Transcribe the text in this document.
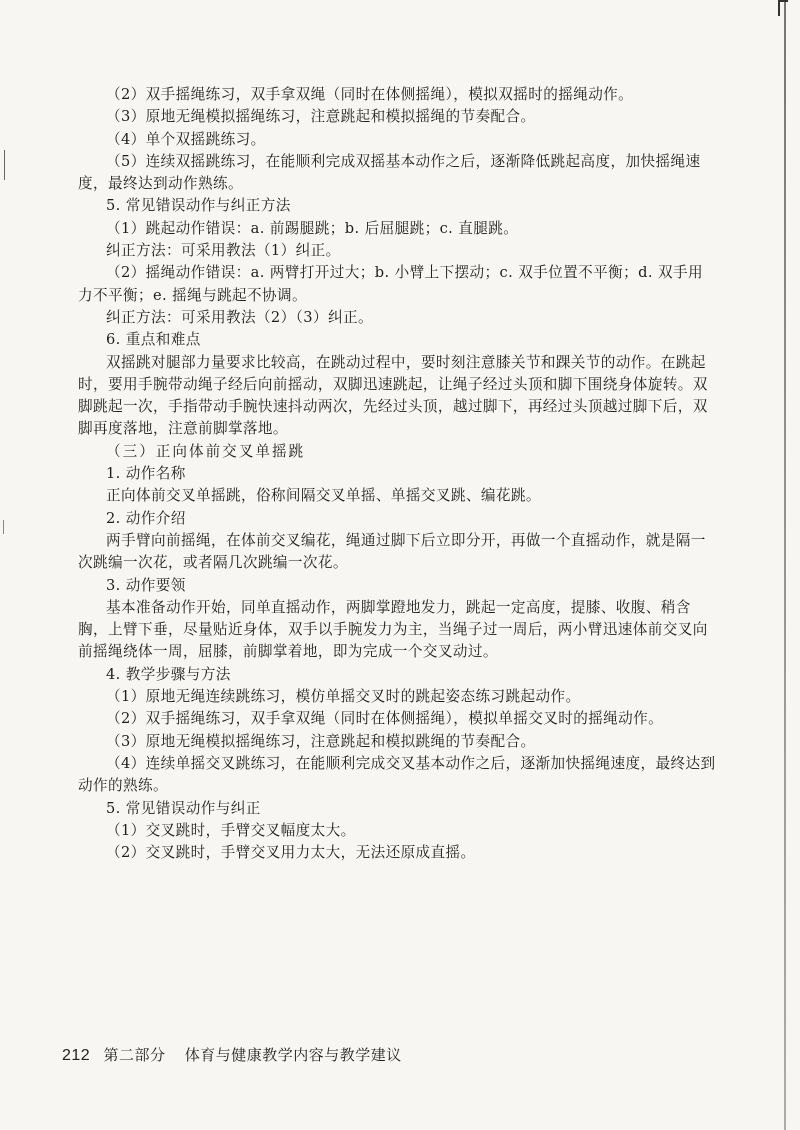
（2）双手摇绳练习，双手拿双绳（同时在体侧摇绳），模拟双摇时的摇绳动作。

（3）原地无绳模拟摇绳练习，注意跳起和模拟摇绳的节奏配合。

（4）单个双摇跳练习。

（5）连续双摇跳练习，在能顺利完成双摇基本动作之后，逐渐降低跳起高度，加快摇绳速度，最终达到动作熟练。

5. 常见错误动作与纠正方法

（1）跳起动作错误：a. 前踢腿跳；b. 后屈腿跳；c. 直腿跳。

纠正方法：可采用教法（1）纠正。

（2）摇绳动作错误：a. 两臂打开过大；b. 小臂上下摆动；c. 双手位置不平衡；d. 双手用力不平衡；e. 摇绳与跳起不协调。

纠正方法：可采用教法（2）（3）纠正。

6. 重点和难点

双摇跳对腿部力量要求比较高，在跳动过程中，要时刻注意膝关节和踝关节的动作。在跳起时，要用手腕带动绳子经后向前摇动，双脚迅速跳起，让绳子经过头顶和脚下围绕身体旋转。双脚跳起一次，手指带动手腕快速抖动两次，先经过头顶，越过脚下，再经过头顶越过脚下后，双脚再度落地，注意前脚掌落地。

（三）正向体前交叉单摇跳

1. 动作名称

正向体前交叉单摇跳，俗称间隔交叉单摇、单摇交叉跳、编花跳。

2. 动作介绍

两手臂向前摇绳，在体前交叉编花，绳通过脚下后立即分开，再做一个直摇动作，就是隔一次跳编一次花，或者隔几次跳编一次花。

3. 动作要领

基本准备动作开始，同单直摇动作，两脚掌蹬地发力，跳起一定高度，提膝、收腹、稍含胸，上臂下垂，尽量贴近身体，双手以手腕发力为主，当绳子过一周后，两小臂迅速体前交叉向前摇绳绕体一周，屈膝，前脚掌着地，即为完成一个交叉动过。

4. 教学步骤与方法

（1）原地无绳连续跳练习，模仿单摇交叉时的跳起姿态练习跳起动作。

（2）双手摇绳练习，双手拿双绳（同时在体侧摇绳），模拟单摇交叉时的摇绳动作。

（3）原地无绳模拟摇绳练习，注意跳起和模拟跳绳的节奏配合。

（4）连续单摇交叉跳练习，在能顺利完成交叉基本动作之后，逐渐加快摇绳速度，最终达到动作的熟练。

5. 常见错误动作与纠正

（1）交叉跳时，手臂交叉幅度太大。

（2）交叉跳时，手臂交叉用力太大，无法还原成直摇。

212 第二部分 体育与健康教学内容与教学建议
